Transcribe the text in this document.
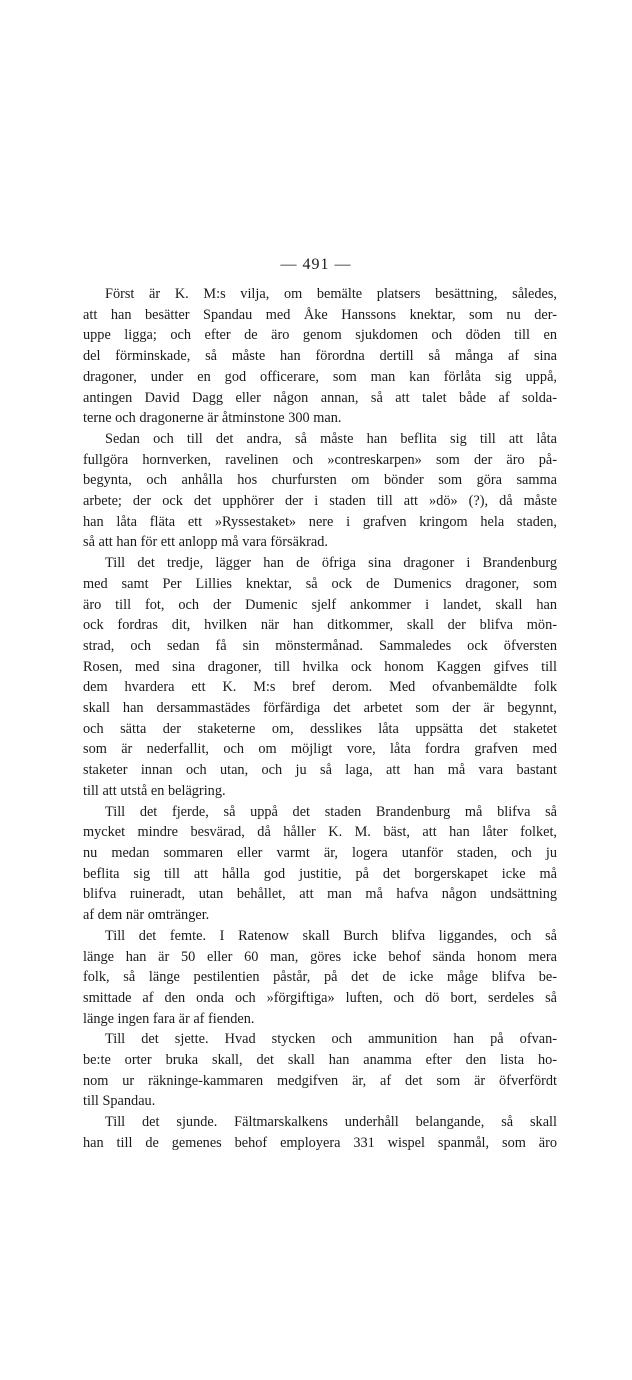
— 491 —

Först är K. M:s vilja, om bemälte platsers besättning, således,
att han besätter Spandau med Åke Hanssons knektar, som nu der-
uppe ligga; och efter de äro genom sjukdomen och döden till en
del förminskade, så måste han förordna dertill så många af sina
dragoner, under en god officerare, som man kan förlåta sig uppå,
antingen David Dagg eller någon annan, så att talet både af solda-
terne och dragonerne är åtminstone 300 man.

Sedan och till det andra, så måste han beflita sig till att låta
fullgöra hornverken, ravelinen och »contreskarpen» som der äro på-
begynta, och anhålla hos churfursten om bönder som göra samma
arbete; der ock det upphörer der i staden till att »dö» (?), då måste
han låta fläta ett »Ryssestaket» nere i grafven kringom hela staden,
så att han för ett anlopp må vara försäkrad.

Till det tredje, lägger han de öfriga sina dragoner i Brandenburg
med samt Per Lillies knektar, så ock de Dumenics dragoner, som
äro till fot, och der Dumenic sjelf ankommer i landet, skall han
ock fordras dit, hvilken när han ditkommer, skall der blifva mön-
strad, och sedan få sin mönstermånad. Sammaledes ock öfversten
Rosen, med sina dragoner, till hvilka ock honom Kaggen gifves till
dem hvardera ett K. M:s bref derom. Med ofvanbemäldte folk
skall han dersammastädes förfärdiga det arbetet som der är begynnt,
och sätta der staketerne om, desslikes låta uppsätta det staketet
som är nederfallit, och om möjligt vore, låta fordra grafven med
staketer innan och utan, och ju så laga, att han må vara bastant
till att utstå en belägring.

Till det fjerde, så uppå det staden Brandenburg må blifva så
mycket mindre besvärad, då håller K. M. bäst, att han låter folket,
nu medan sommaren eller varmt är, logera utanför staden, och ju
beflita sig till att hålla god justitie, på det borgerskapet icke må
blifva ruineradt, utan behållet, att man må hafva någon undsättning
af dem när omtränger.

Till det femte. I Ratenow skall Burch blifva liggandes, och så
länge han är 50 eller 60 man, göres icke behof sända honom mera
folk, så länge pestilentien påstår, på det de icke måge blifva be-
smittade af den onda och »förgiftiga» luften, och dö bort, serdeles så
länge ingen fara är af fienden.

Till det sjette. Hvad stycken och ammunition han på ofvan-
be:te orter bruka skall, det skall han anamma efter den lista ho-
nom ur räkninge-kammaren medgifven är, af det som är öfverfördt
till Spandau.

Till det sjunde. Fältmarskalkens underhåll belangande, så skall
han till de gemenes behof employera 331 wispel spanmål, som äro
